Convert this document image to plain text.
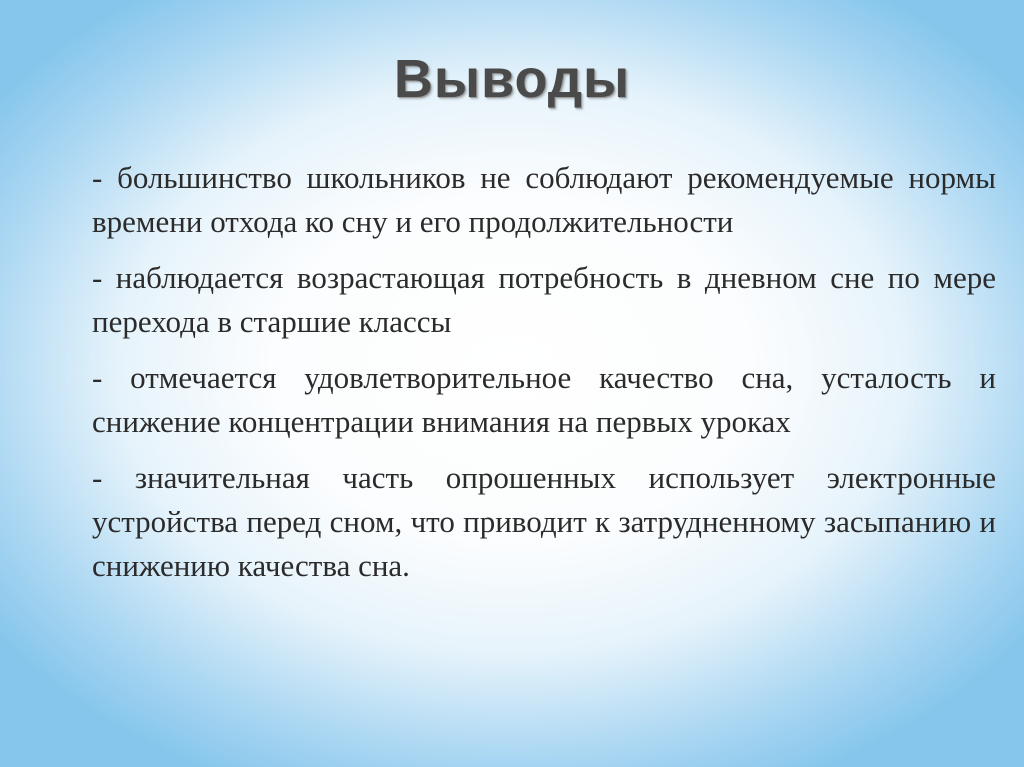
Выводы

- большинство школьников не соблюдают рекомендуемые нормы времени отхода ко сну и его продолжительности

- наблюдается возрастающая потребность в дневном сне по мере перехода в старшие классы

- отмечается удовлетворительное качество сна, усталость и снижение концентрации внимания на первых уроках

- значительная часть опрошенных использует электронные устройства перед сном, что приводит к затрудненному засыпанию и снижению качества сна.
